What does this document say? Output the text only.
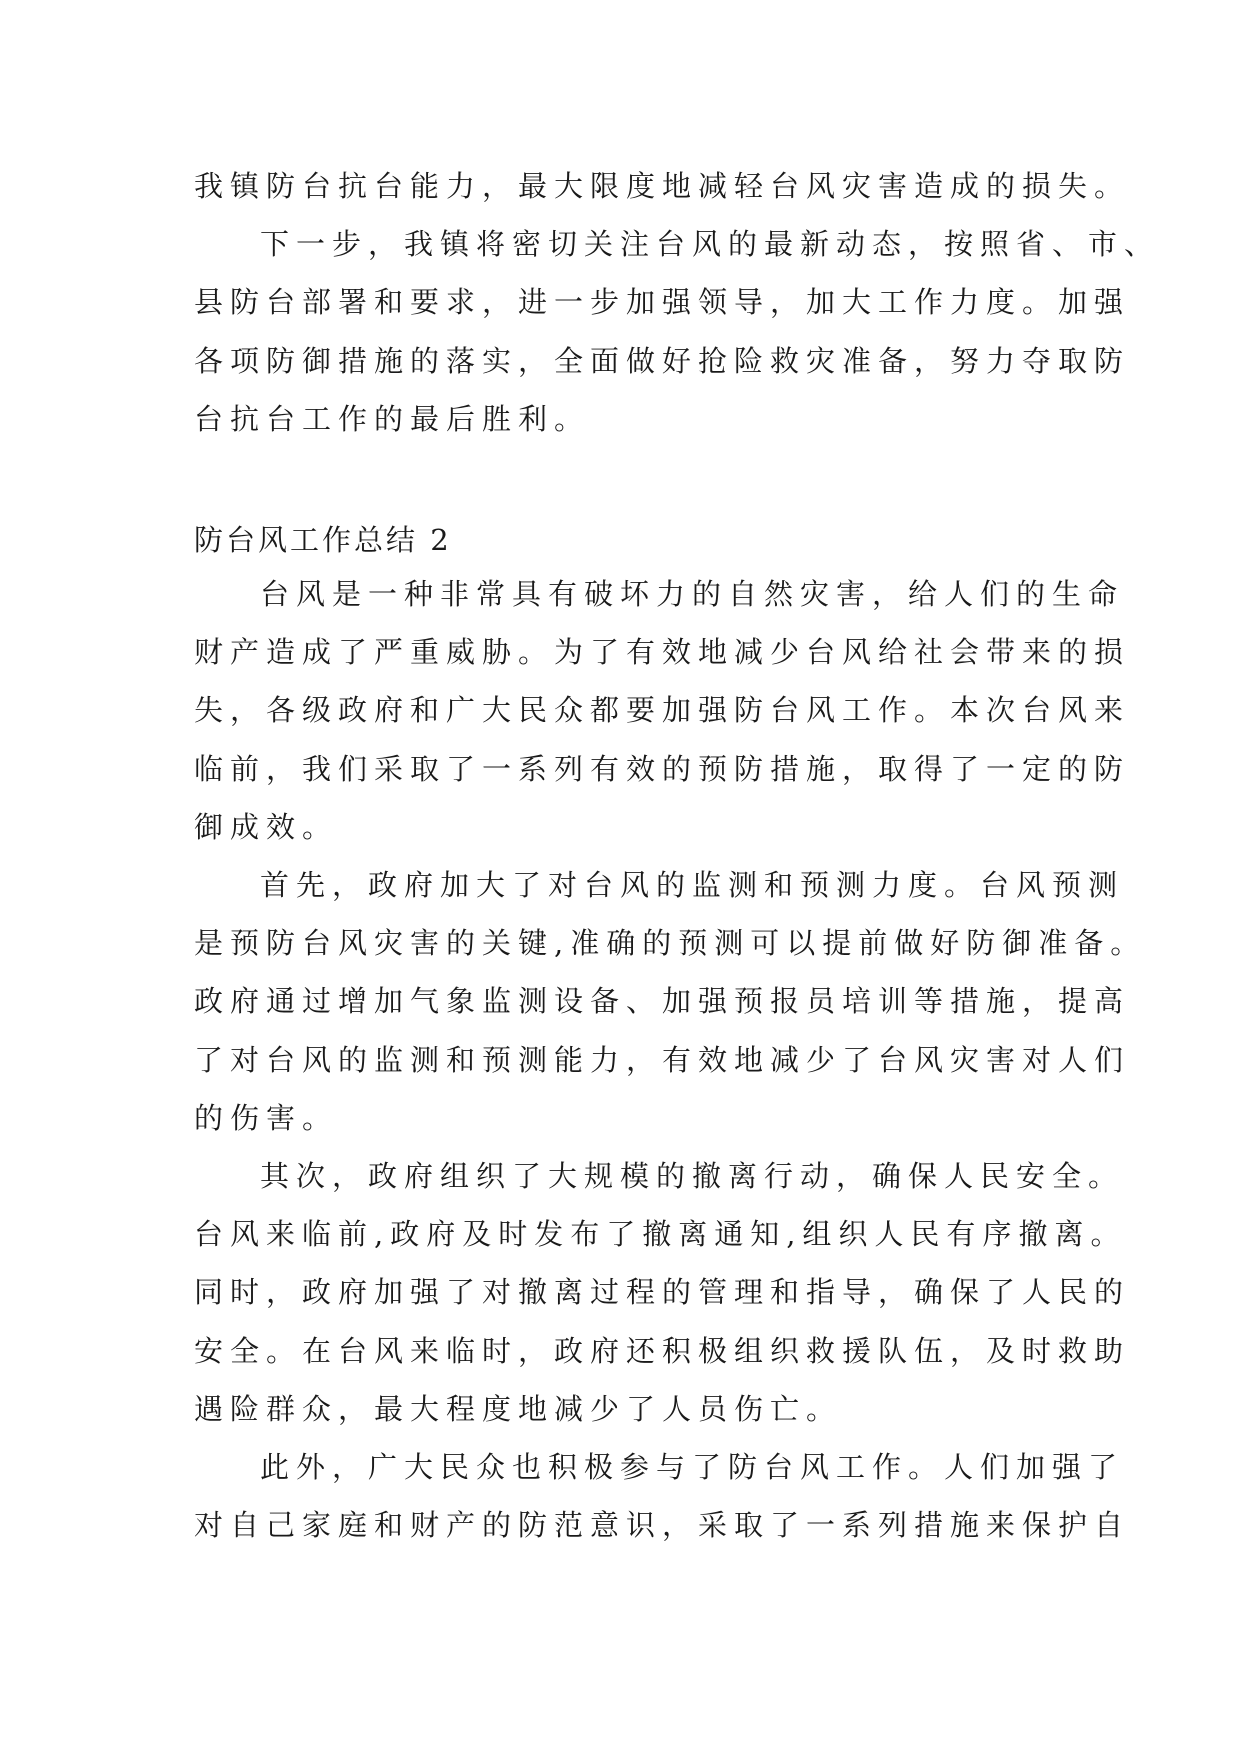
我镇防台抗台能力，最大限度地减轻台风灾害造成的损失。
下一步，我镇将密切关注台风的最新动态，按照省、市、
县防台部署和要求，进一步加强领导，加大工作力度。加强
各项防御措施的落实，全面做好抢险救灾准备，努力夺取防
台抗台工作的最后胜利。
防台风工作总结 2
台风是一种非常具有破坏力的自然灾害，给人们的生命
财产造成了严重威胁。为了有效地减少台风给社会带来的损
失，各级政府和广大民众都要加强防台风工作。本次台风来
临前，我们采取了一系列有效的预防措施，取得了一定的防
御成效。
首先，政府加大了对台风的监测和预测力度。台风预测
是预防台风灾害的关键,准确的预测可以提前做好防御准备。
政府通过增加气象监测设备、加强预报员培训等措施，提高
了对台风的监测和预测能力，有效地减少了台风灾害对人们
的伤害。
其次，政府组织了大规模的撤离行动，确保人民安全。
台风来临前,政府及时发布了撤离通知,组织人民有序撤离。
同时，政府加强了对撤离过程的管理和指导，确保了人民的
安全。在台风来临时，政府还积极组织救援队伍，及时救助
遇险群众，最大程度地减少了人员伤亡。
此外，广大民众也积极参与了防台风工作。人们加强了
对自己家庭和财产的防范意识，采取了一系列措施来保护自
